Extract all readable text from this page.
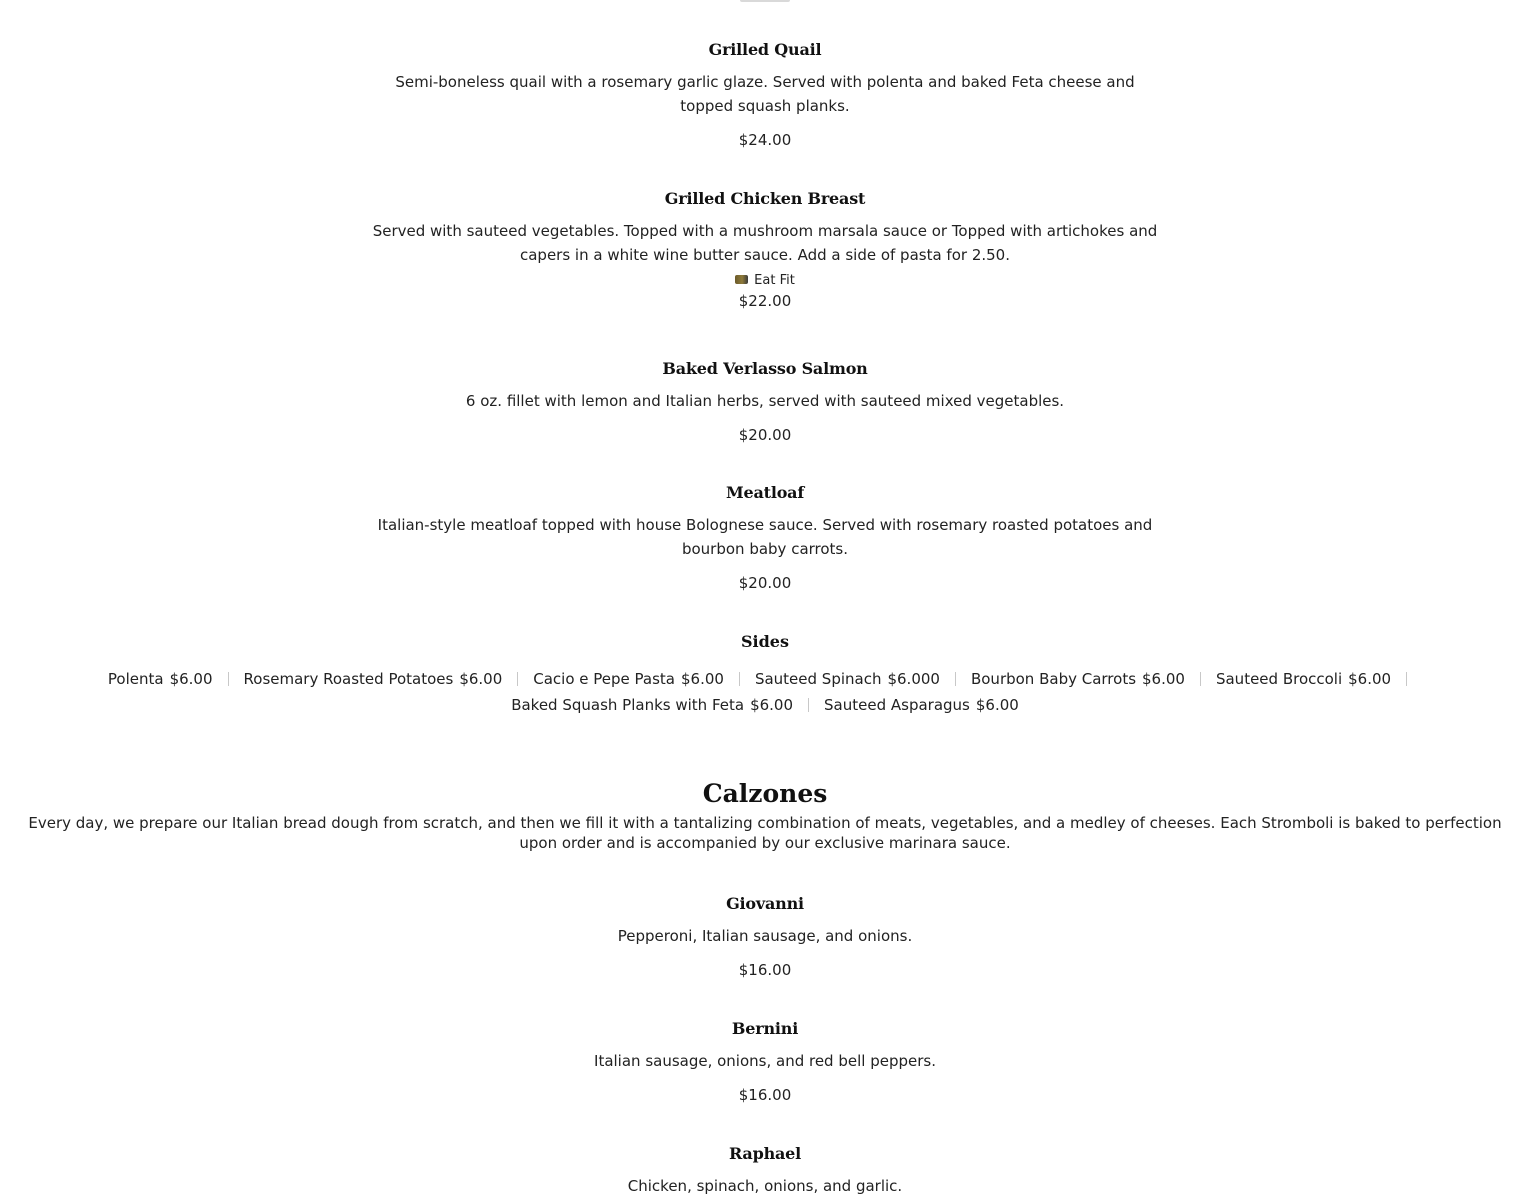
Grilled Quail
Semi-boneless quail with a rosemary garlic glaze. Served with polenta and baked Feta cheese and topped squash planks.
$24.00
Grilled Chicken Breast
Served with sauteed vegetables. Topped with a mushroom marsala sauce or Topped with artichokes and capers in a white wine butter sauce. Add a side of pasta for 2.50.
Eat Fit
$22.00
Baked Verlasso Salmon
6 oz. fillet with lemon and Italian herbs, served with sauteed mixed vegetables.
$20.00
Meatloaf
Italian-style meatloaf topped with house Bolognese sauce. Served with rosemary roasted potatoes and bourbon baby carrots.
$20.00
Sides
Polenta $6.00 Rosemary Roasted Potatoes $6.00 Cacio e Pepe Pasta $6.00 Sauteed Spinach $6.000 Bourbon Baby Carrots $6.00 Sauteed Broccoli $6.00
Baked Squash Planks with Feta $6.00 Sauteed Asparagus $6.00
Calzones
Every day, we prepare our Italian bread dough from scratch, and then we fill it with a tantalizing combination of meats, vegetables, and a medley of cheeses. Each Stromboli is baked to perfection upon order and is accompanied by our exclusive marinara sauce.
Giovanni
Pepperoni, Italian sausage, and onions.
$16.00
Bernini
Italian sausage, onions, and red bell peppers.
$16.00
Raphael
Chicken, spinach, onions, and garlic.
